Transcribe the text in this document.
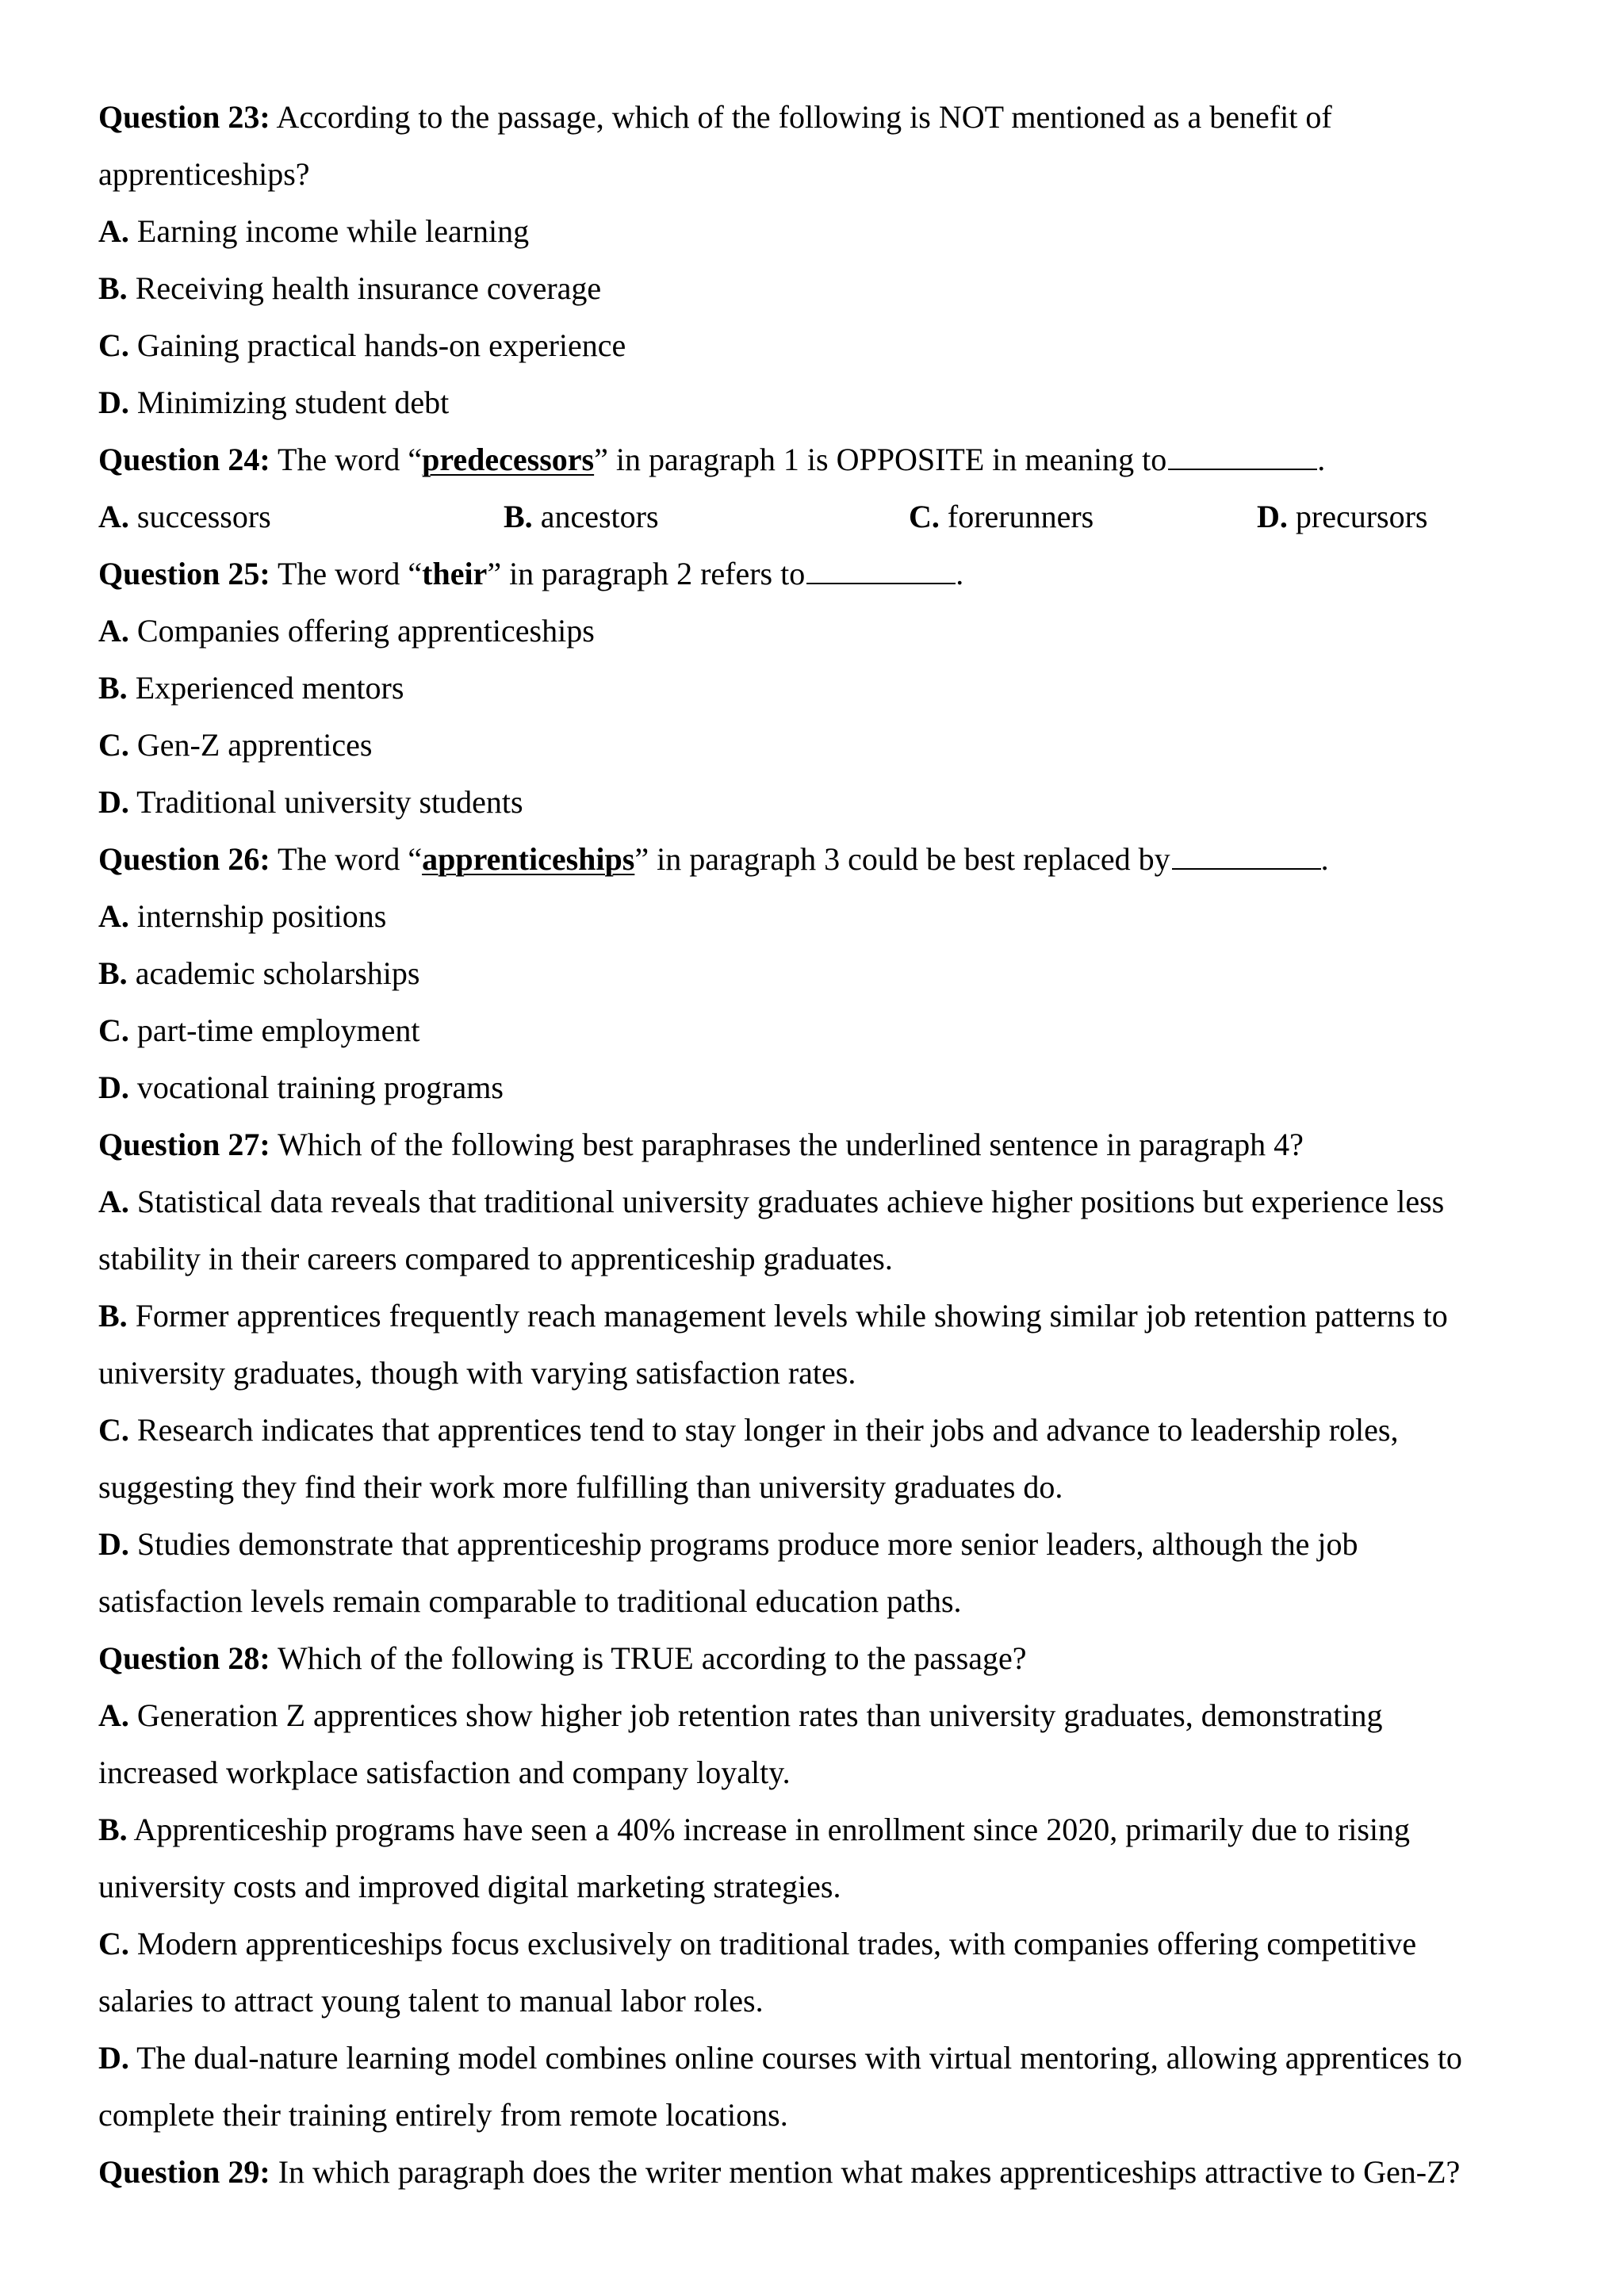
Question 23: According to the passage, which of the following is NOT mentioned as a benefit of
apprenticeships?
A. Earning income while learning
B. Receiving health insurance coverage
C. Gaining practical hands-on experience
D. Minimizing student debt
Question 24: The word “predecessors” in paragraph 1 is OPPOSITE in meaning to	.
A. successors	B. ancestors	C. forerunners	D. precursors
Question 25: The word “their” in paragraph 2 refers to	.
A. Companies offering apprenticeships
B. Experienced mentors
C. Gen-Z apprentices
D. Traditional university students
Question 26: The word “apprenticeships” in paragraph 3 could be best replaced by	.
A. internship positions
B. academic scholarships
C. part-time employment
D. vocational training programs
Question 27: Which of the following best paraphrases the underlined sentence in paragraph 4?
A. Statistical data reveals that traditional university graduates achieve higher positions but experience less
stability in their careers compared to apprenticeship graduates.
B. Former apprentices frequently reach management levels while showing similar job retention patterns to
university graduates, though with varying satisfaction rates.
C. Research indicates that apprentices tend to stay longer in their jobs and advance to leadership roles,
suggesting they find their work more fulfilling than university graduates do.
D. Studies demonstrate that apprenticeship programs produce more senior leaders, although the job
satisfaction levels remain comparable to traditional education paths.
Question 28: Which of the following is TRUE according to the passage?
A. Generation Z apprentices show higher job retention rates than university graduates, demonstrating
increased workplace satisfaction and company loyalty.
B. Apprenticeship programs have seen a 40% increase in enrollment since 2020, primarily due to rising
university costs and improved digital marketing strategies.
C. Modern apprenticeships focus exclusively on traditional trades, with companies offering competitive
salaries to attract young talent to manual labor roles.
D. The dual-nature learning model combines online courses with virtual mentoring, allowing apprentices to
complete their training entirely from remote locations.
Question 29: In which paragraph does the writer mention what makes apprenticeships attractive to Gen-Z?
